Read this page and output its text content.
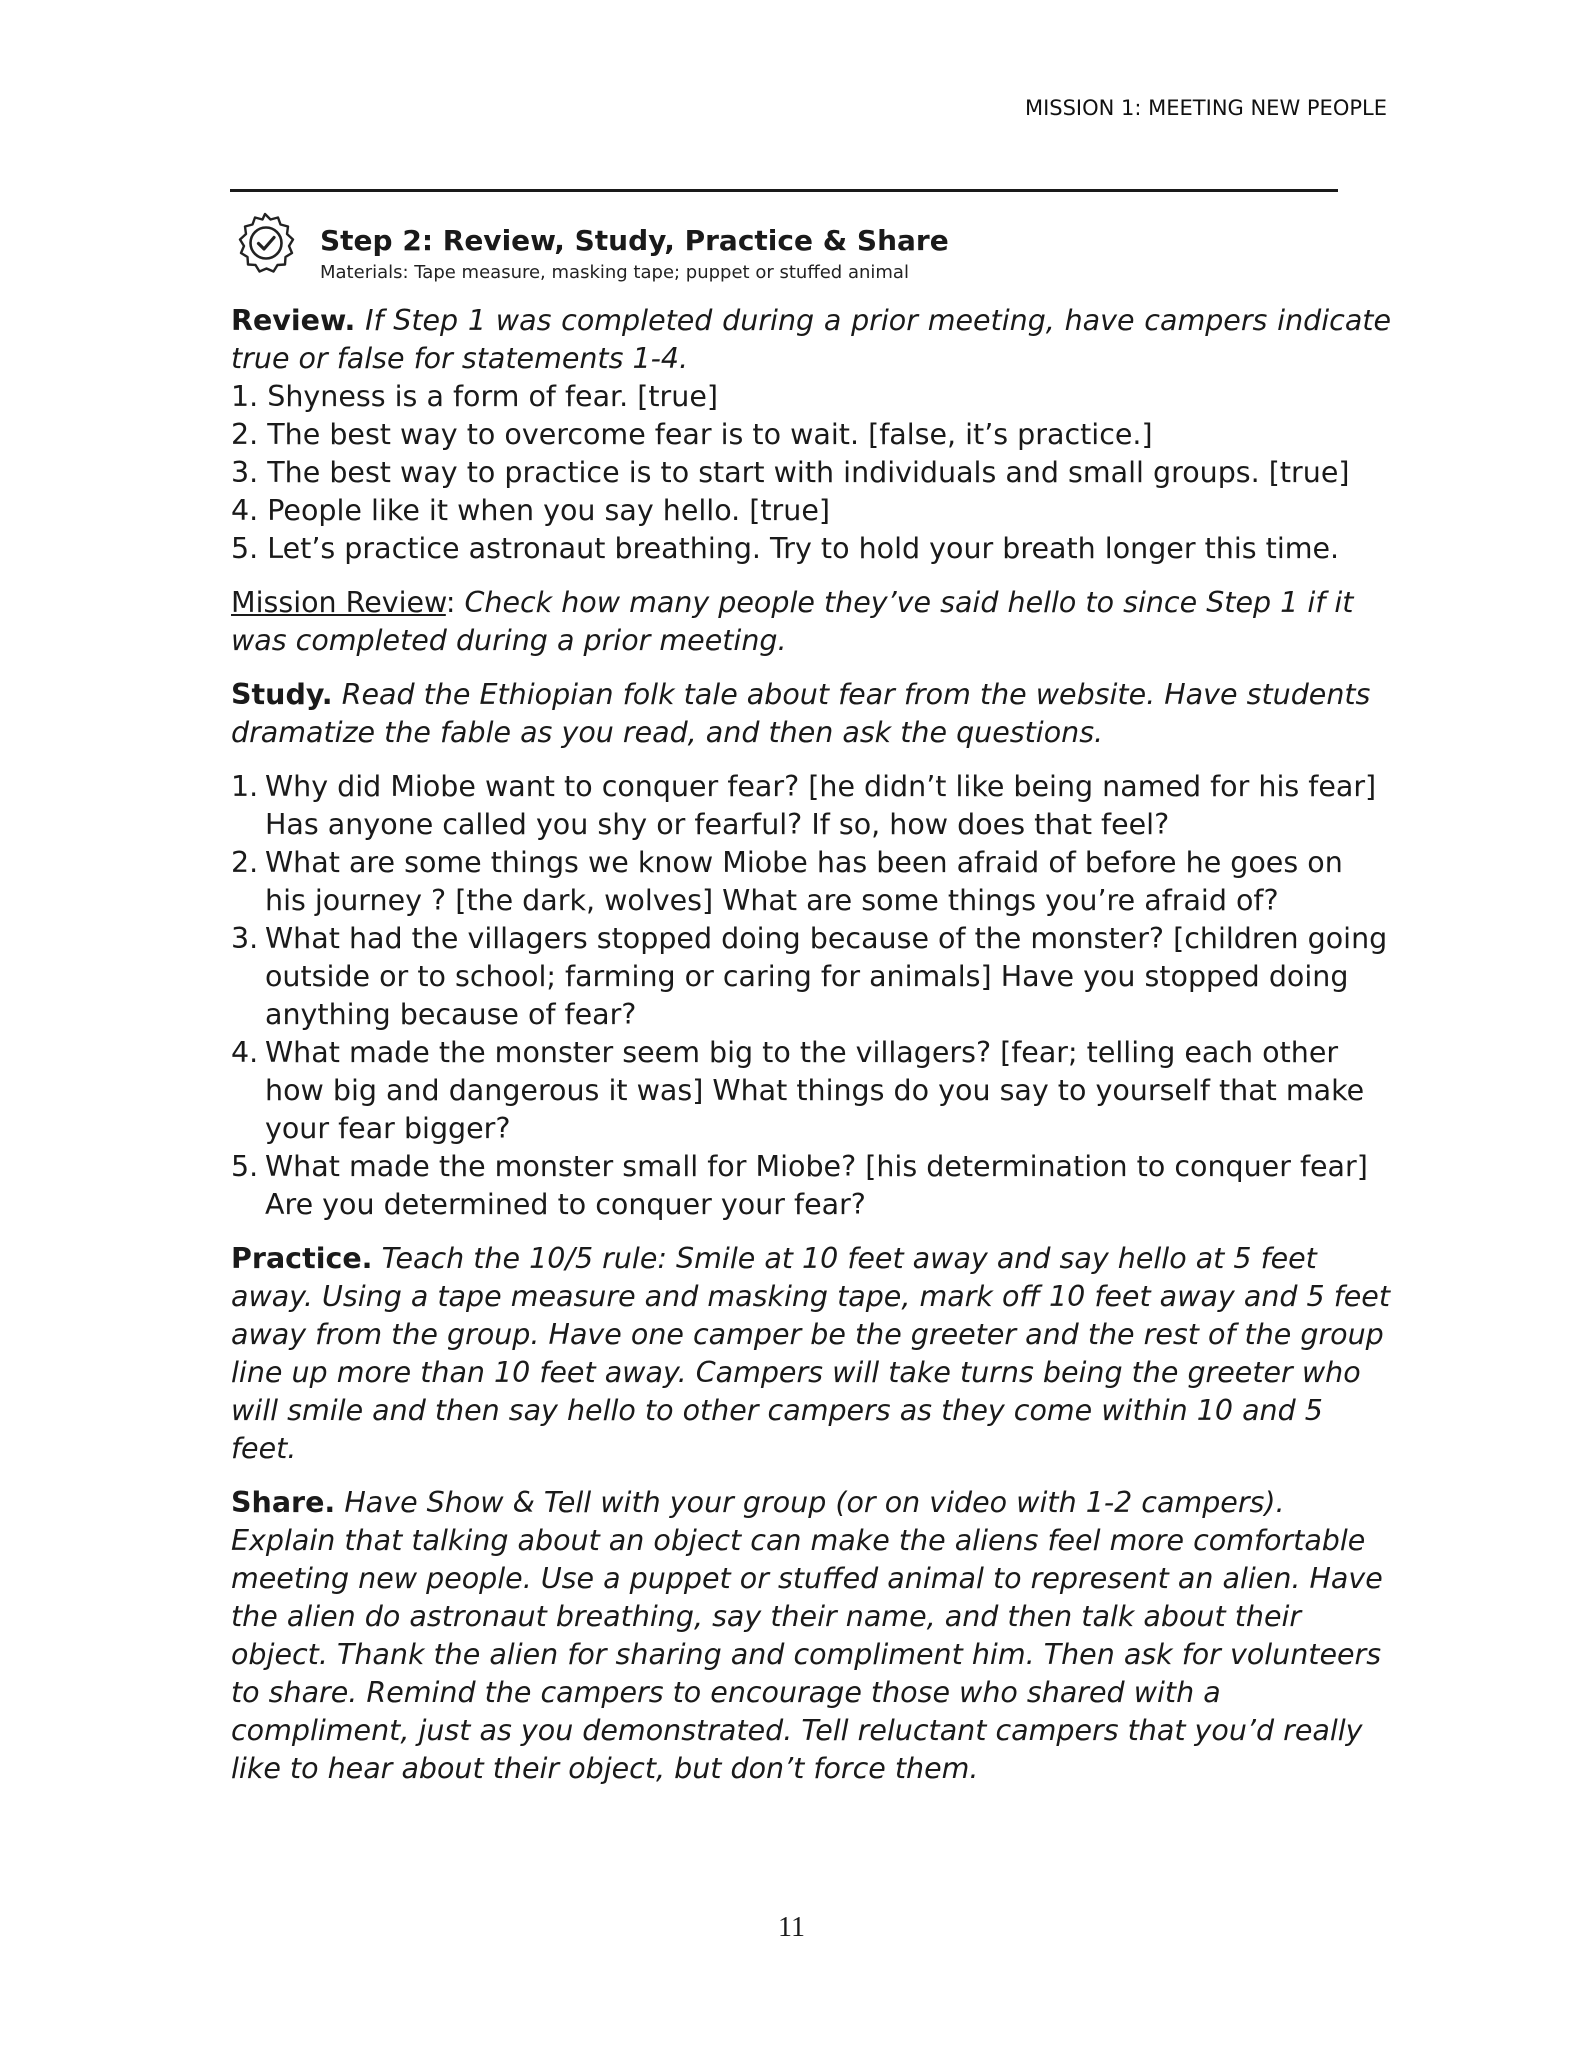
MISSION 1: MEETING NEW PEOPLE
Step 2: Review, Study, Practice & Share
Materials: Tape measure, masking tape; puppet or stuffed animal

Review. If Step 1 was completed during a prior meeting, have campers indicate true or false for statements 1-4.

1. Shyness is a form of fear. [true]
2. The best way to overcome fear is to wait. [false, it’s practice.]
3. The best way to practice is to start with individuals and small groups. [true]
4. People like it when you say hello. [true]
5. Let’s practice astronaut breathing. Try to hold your breath longer this time.

Mission Review: Check how many people they’ve said hello to since Step 1 if it was completed during a prior meeting.

Study. Read the Ethiopian folk tale about fear from the website. Have students dramatize the fable as you read, and then ask the questions.

1. Why did Miobe want to conquer fear? [he didn’t like being named for his fear] Has anyone called you shy or fearful? If so, how does that feel?
2. What are some things we know Miobe has been afraid of before he goes on his journey ? [the dark, wolves] What are some things you’re afraid of?
3. What had the villagers stopped doing because of the monster? [children going outside or to school; farming or caring for animals] Have you stopped doing anything because of fear?
4. What made the monster seem big to the villagers? [fear; telling each other how big and dangerous it was] What things do you say to yourself that make your fear bigger?
5. What made the monster small for Miobe? [his determination to conquer fear] Are you determined to conquer your fear?

Practice. Teach the 10/5 rule: Smile at 10 feet away and say hello at 5 feet away. Using a tape measure and masking tape, mark off 10 feet away and 5 feet away from the group. Have one camper be the greeter and the rest of the group line up more than 10 feet away. Campers will take turns being the greeter who will smile and then say hello to other campers as they come within 10 and 5 feet.

Share. Have Show & Tell with your group (or on video with 1-2 campers). Explain that talking about an object can make the aliens feel more comfortable meeting new people. Use a puppet or stuffed animal to represent an alien. Have the alien do astronaut breathing, say their name, and then talk about their object. Thank the alien for sharing and compliment him. Then ask for volunteers to share. Remind the campers to encourage those who shared with a compliment, just as you demonstrated. Tell reluctant campers that you’d really like to hear about their object, but don’t force them.

11
